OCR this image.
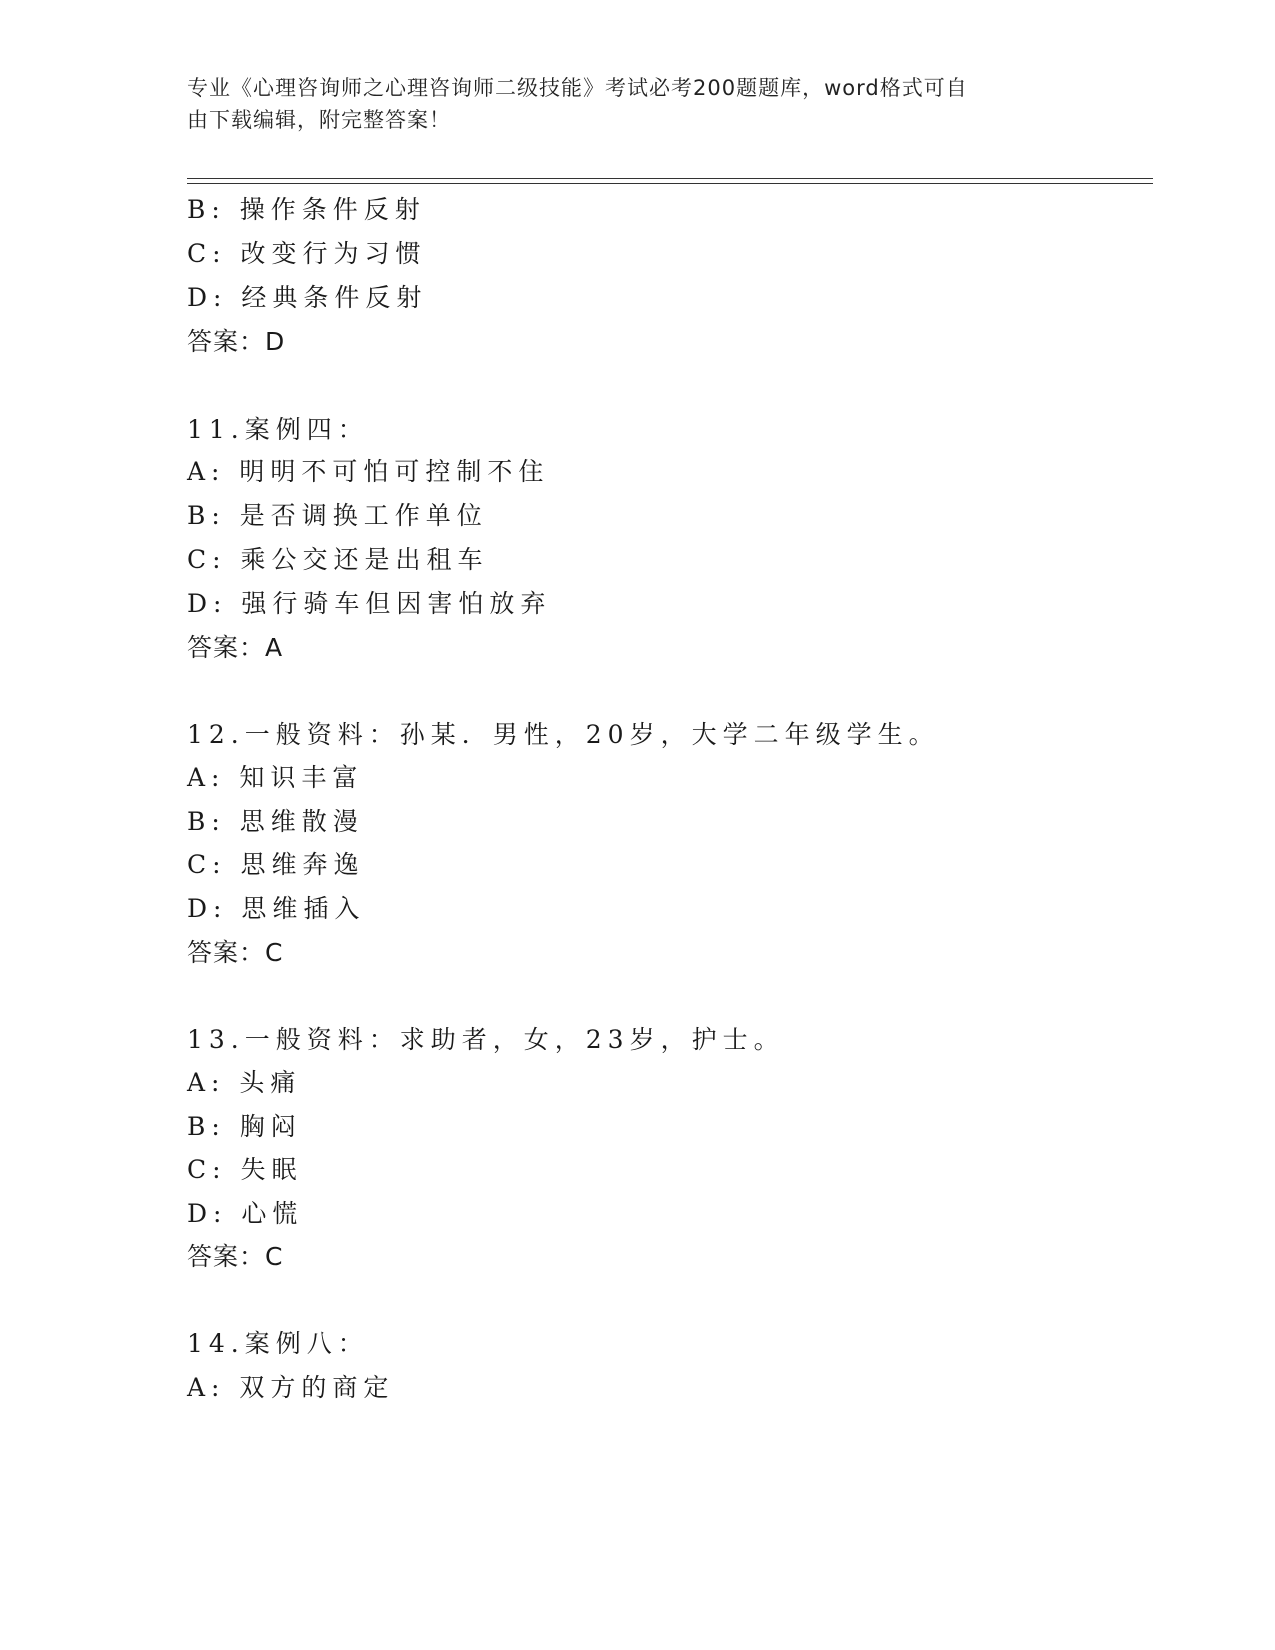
专业《心理咨询师之心理咨询师二级技能》考试必考200题题库，word格式可自
由下载编辑，附完整答案！
B: 操作条件反射
C: 改变行为习惯
D: 经典条件反射
答案：D
11.案例四：
A: 明明不可怕可控制不住
B: 是否调换工作单位
C: 乘公交还是出租车
D: 强行骑车但因害怕放弃
答案：A
12.一般资料：孙某．男性，20岁，大学二年级学生。
A: 知识丰富
B: 思维散漫
C: 思维奔逸
D: 思维插入
答案：C
13.一般资料：求助者，女，23岁，护士。
A: 头痛
B: 胸闷
C: 失眠
D: 心慌
答案：C
14.案例八：
A: 双方的商定
